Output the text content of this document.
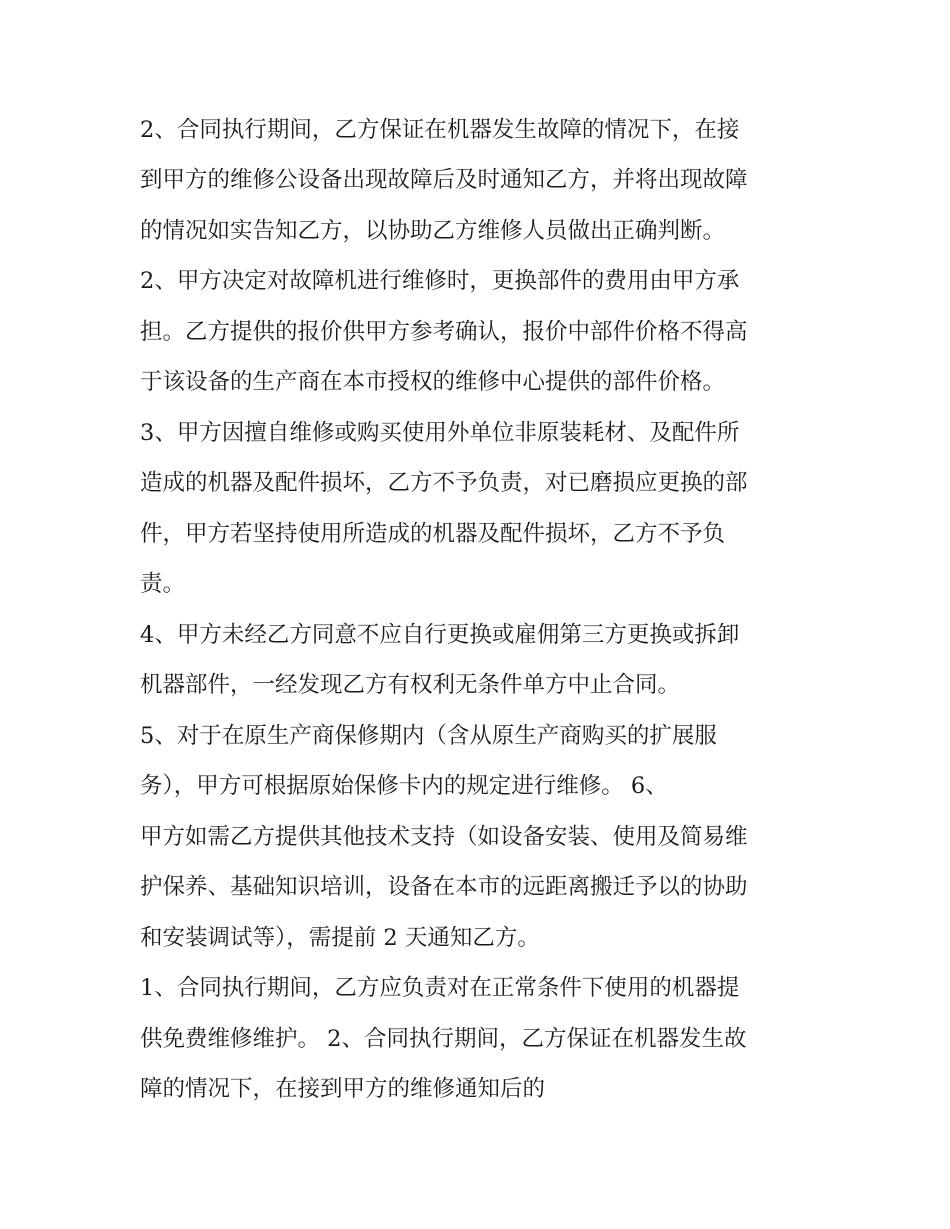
2、合同执行期间，乙方保证在机器发生故障的情况下，在接

到甲方的维修公设备出现故障后及时通知乙方，并将出现故障

的情况如实告知乙方，以协助乙方维修人员做出正确判断。

2、甲方决定对故障机进行维修时，更换部件的费用由甲方承

担。乙方提供的报价供甲方参考确认，报价中部件价格不得高

于该设备的生产商在本市授权的维修中心提供的部件价格。

3、甲方因擅自维修或购买使用外单位非原装耗材、及配件所

造成的机器及配件损坏，乙方不予负责，对已磨损应更换的部

件，甲方若坚持使用所造成的机器及配件损坏，乙方不予负

责。

4、甲方未经乙方同意不应自行更换或雇佣第三方更换或拆卸

机器部件，一经发现乙方有权利无条件单方中止合同。

5、对于在原生产商保修期内（含从原生产商购买的扩展服

务），甲方可根据原始保修卡内的规定进行维修。 6、

甲方如需乙方提供其他技术支持（如设备安装、使用及简易维

护保养、基础知识培训，设备在本市的远距离搬迁予以的协助

和安装调试等），需提前 2 天通知乙方。

1、合同执行期间，乙方应负责对在正常条件下使用的机器提

供免费维修维护。 2、合同执行期间，乙方保证在机器发生故

障的情况下，在接到甲方的维修通知后的
